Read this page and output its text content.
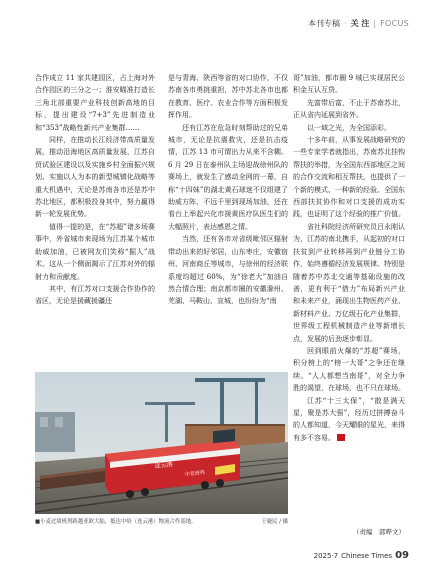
本刊专稿 · 关 注 | FOCUS

合作成立 11 家共建园区，占上海对外合作园区的三分之一；淮安瞄准打造长三角北部重要产业科技创新高地的目标，提出建设“7+3”先进制造业和“353”战略性新兴产业集群……

同样，在推动长江经济带高质量发展、推动沿海地区高质量发展、江苏自贸试验区建设以及实施乡村全面振兴规划、实施以人为本的新型城镇化战略等重大机遇中，无论是苏南各市还是苏中苏北地区，都积极投身其中，努力赢得新一轮发展优势。

值得一提的是，在“苏超”诸多场赛事中，外省城市来现场为江苏某个城市助威加油，已被网友们笑称“掘人”战术。这从一个侧面揭示了江苏对外的辐射力和贡献度。

其中，有江苏对口支援合作协作的省区，无论是援藏援疆还

是与青海、陕西等省的对口协作，不仅苏南各市勇挑重担，苏中苏北各市也都在教育、医疗、农业合作等方面积极发挥作用。

还有江苏在危急时刻帮助过的兄弟城市，无论是抗震救灾，还是抗击疫情，江苏 13 市可谓出力从来不含糊。6 月 29 日在泰州队主场迎战徐州队的赛场上，就发生了感动全网的一幕，自称“十四妹”的湖北黄石球迷不仅组建了助威方阵，不远千里到现场加油，还在看台上举起兴化市援黄医疗队医生们的大幅照片，表达感恩之情。

当然，还有各市对省级毗邻区辐射带动出来的好邻居，山东枣庄，安徽宿州、河南商丘等城市，与徐州的经济联系度均超过 60%，为“徐老大”加油自然合情合理；南京都市圈的安徽滁州、芜湖、马鞍山、宣城，也纷纷为“南

哥”加油，都市圈 9 城已实现居民公积金互认互贷。

先富带后富，不止于苏南苏北，正从省内延展到省外。

以一域之光，为全国添彩。

十多年前，从事发展战略研究的一些专家学者就指出，苏南苏北挂钩帮扶的举措，为全国东西部地区之间的合作交流和相互帮扶，也提供了一个新的模式、一种新的经验。全国东西部扶贫协作和对口支援的成功实践，也证明了这个经验的推广价值。

省社科院经济所研究员吕永刚认为，江苏的南北携手，从起初的对口扶贫到产业转移再到产业链分工协作，始终遵循经济发展规律。特别是随着苏中苏北交通等基础设施的改善，更有利于“借力”布局新兴产业和未来产业，涌现出生物医药产业、新材料产业、万亿级石化产业集群，世界级工程机械制造产业等新增长点，发展的后劲逐步彰显。

回到眼前火爆的“苏超”赛场，积分榜上的“榜一大哥”之争还在继续。“人人都想当南哥”，对全力争胜的渴望，在球场，也不只在球场。

江苏“十三太保”，“散是满天星，聚是苏大强”，经历过拼搏奋斗的人都知道，今天耀眼的星光，来得有多不容易。

连云港
中亚班列
■小麦过境班列跨越亚欧大陆，抵达中哈（连云港）物流合作基地。	王婕民 / 摄
（责编　郭晔文）
2025·7 Chinese Times 09
